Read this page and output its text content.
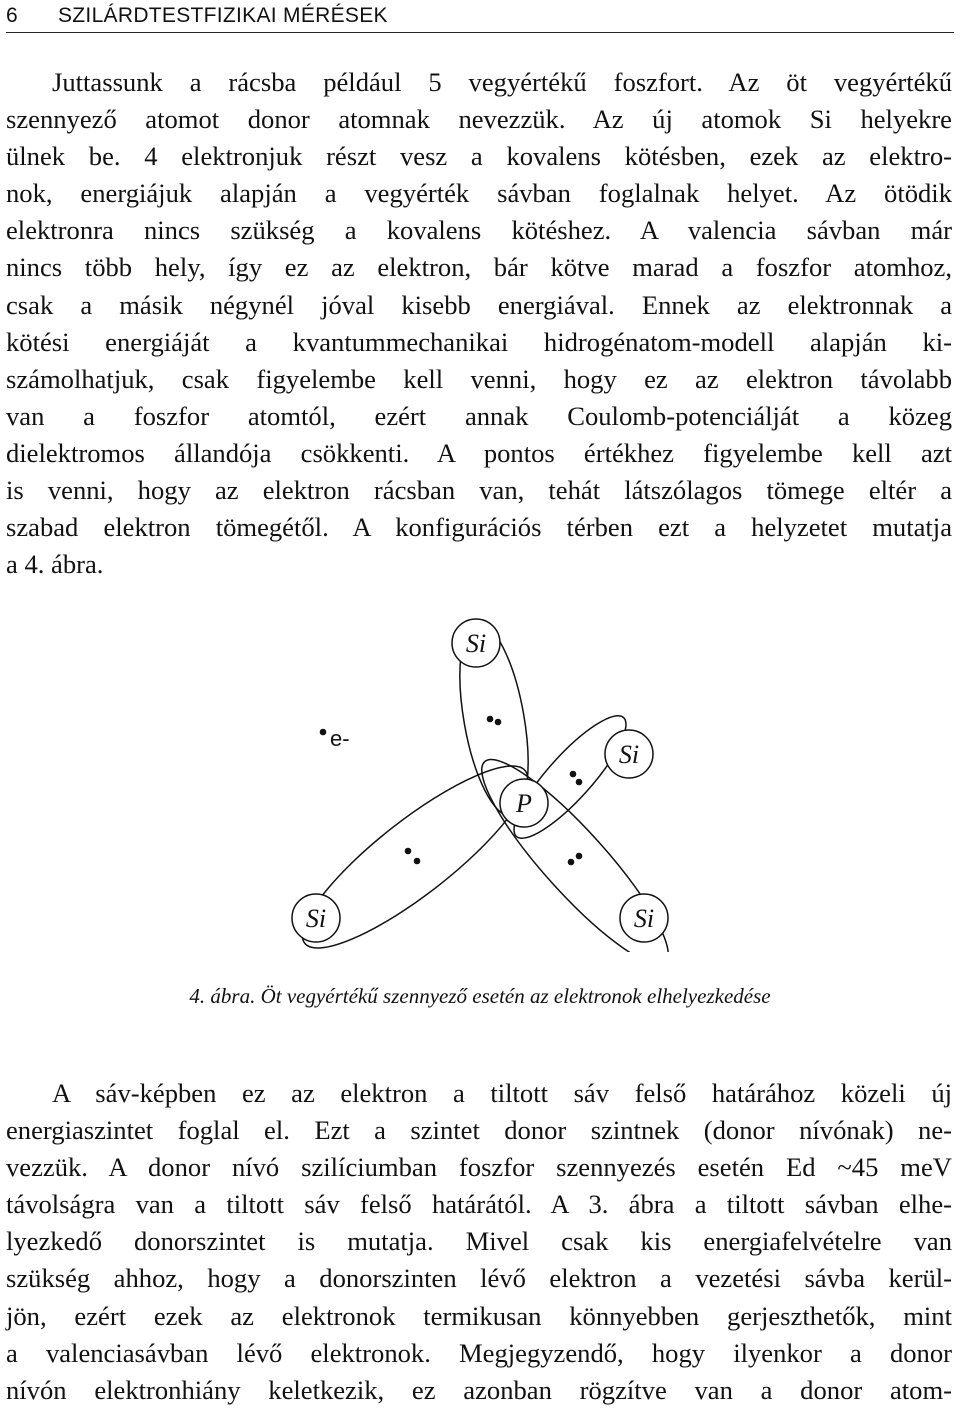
6 SZILÁRDTESTFIZIKAI MÉRÉSEK
Juttassunk a rácsba például 5 vegyértékű foszfort. Az öt vegyértékű
szennyező atomot donor atomnak nevezzük. Az új atomok Si helyekre
ülnek be. 4 elektronjuk részt vesz a kovalens kötésben, ezek az elektro-
nok, energiájuk alapján a vegyérték sávban foglalnak helyet. Az ötödik
elektronra nincs szükség a kovalens kötéshez. A valencia sávban már
nincs több hely, így ez az elektron, bár kötve marad a foszfor atomhoz,
csak a másik négynél jóval kisebb energiával. Ennek az elektronnak a
kötési energiáját a kvantummechanikai hidrogénatom-modell alapján ki-
számolhatjuk, csak figyelembe kell venni, hogy ez az elektron távolabb
van a foszfor atomtól, ezért annak Coulomb-potenciálját a közeg
dielektromos állandója csökkenti. A pontos értékhez figyelembe kell azt
is venni, hogy az elektron rácsban van, tehát látszólagos tömege eltér a
szabad elektron tömegétől. A konfigurációs térben ezt a helyzetet mutatja
a 4. ábra.
Si
Si
P
Si	Si
e-
4. ábra. Öt vegyértékű szennyező esetén az elektronok elhelyezkedése
A sáv-képben ez az elektron a tiltott sáv felső határához közeli új
energiaszintet foglal el. Ezt a szintet donor szintnek (donor nívónak) ne-
vezzük. A donor nívó szilíciumban foszfor szennyezés esetén Ed ~45 meV
távolságra van a tiltott sáv felső határától. A 3. ábra a tiltott sávban elhe-
lyezkedő donorszintet is mutatja. Mivel csak kis energiafelvételre van
szükség ahhoz, hogy a donorszinten lévő elektron a vezetési sávba kerül-
jön, ezért ezek az elektronok termikusan könnyebben gerjeszthetők, mint
a valenciasávban lévő elektronok. Megjegyzendő, hogy ilyenkor a donor
nívón elektronhiány keletkezik, ez azonban rögzítve van a donor atom-
